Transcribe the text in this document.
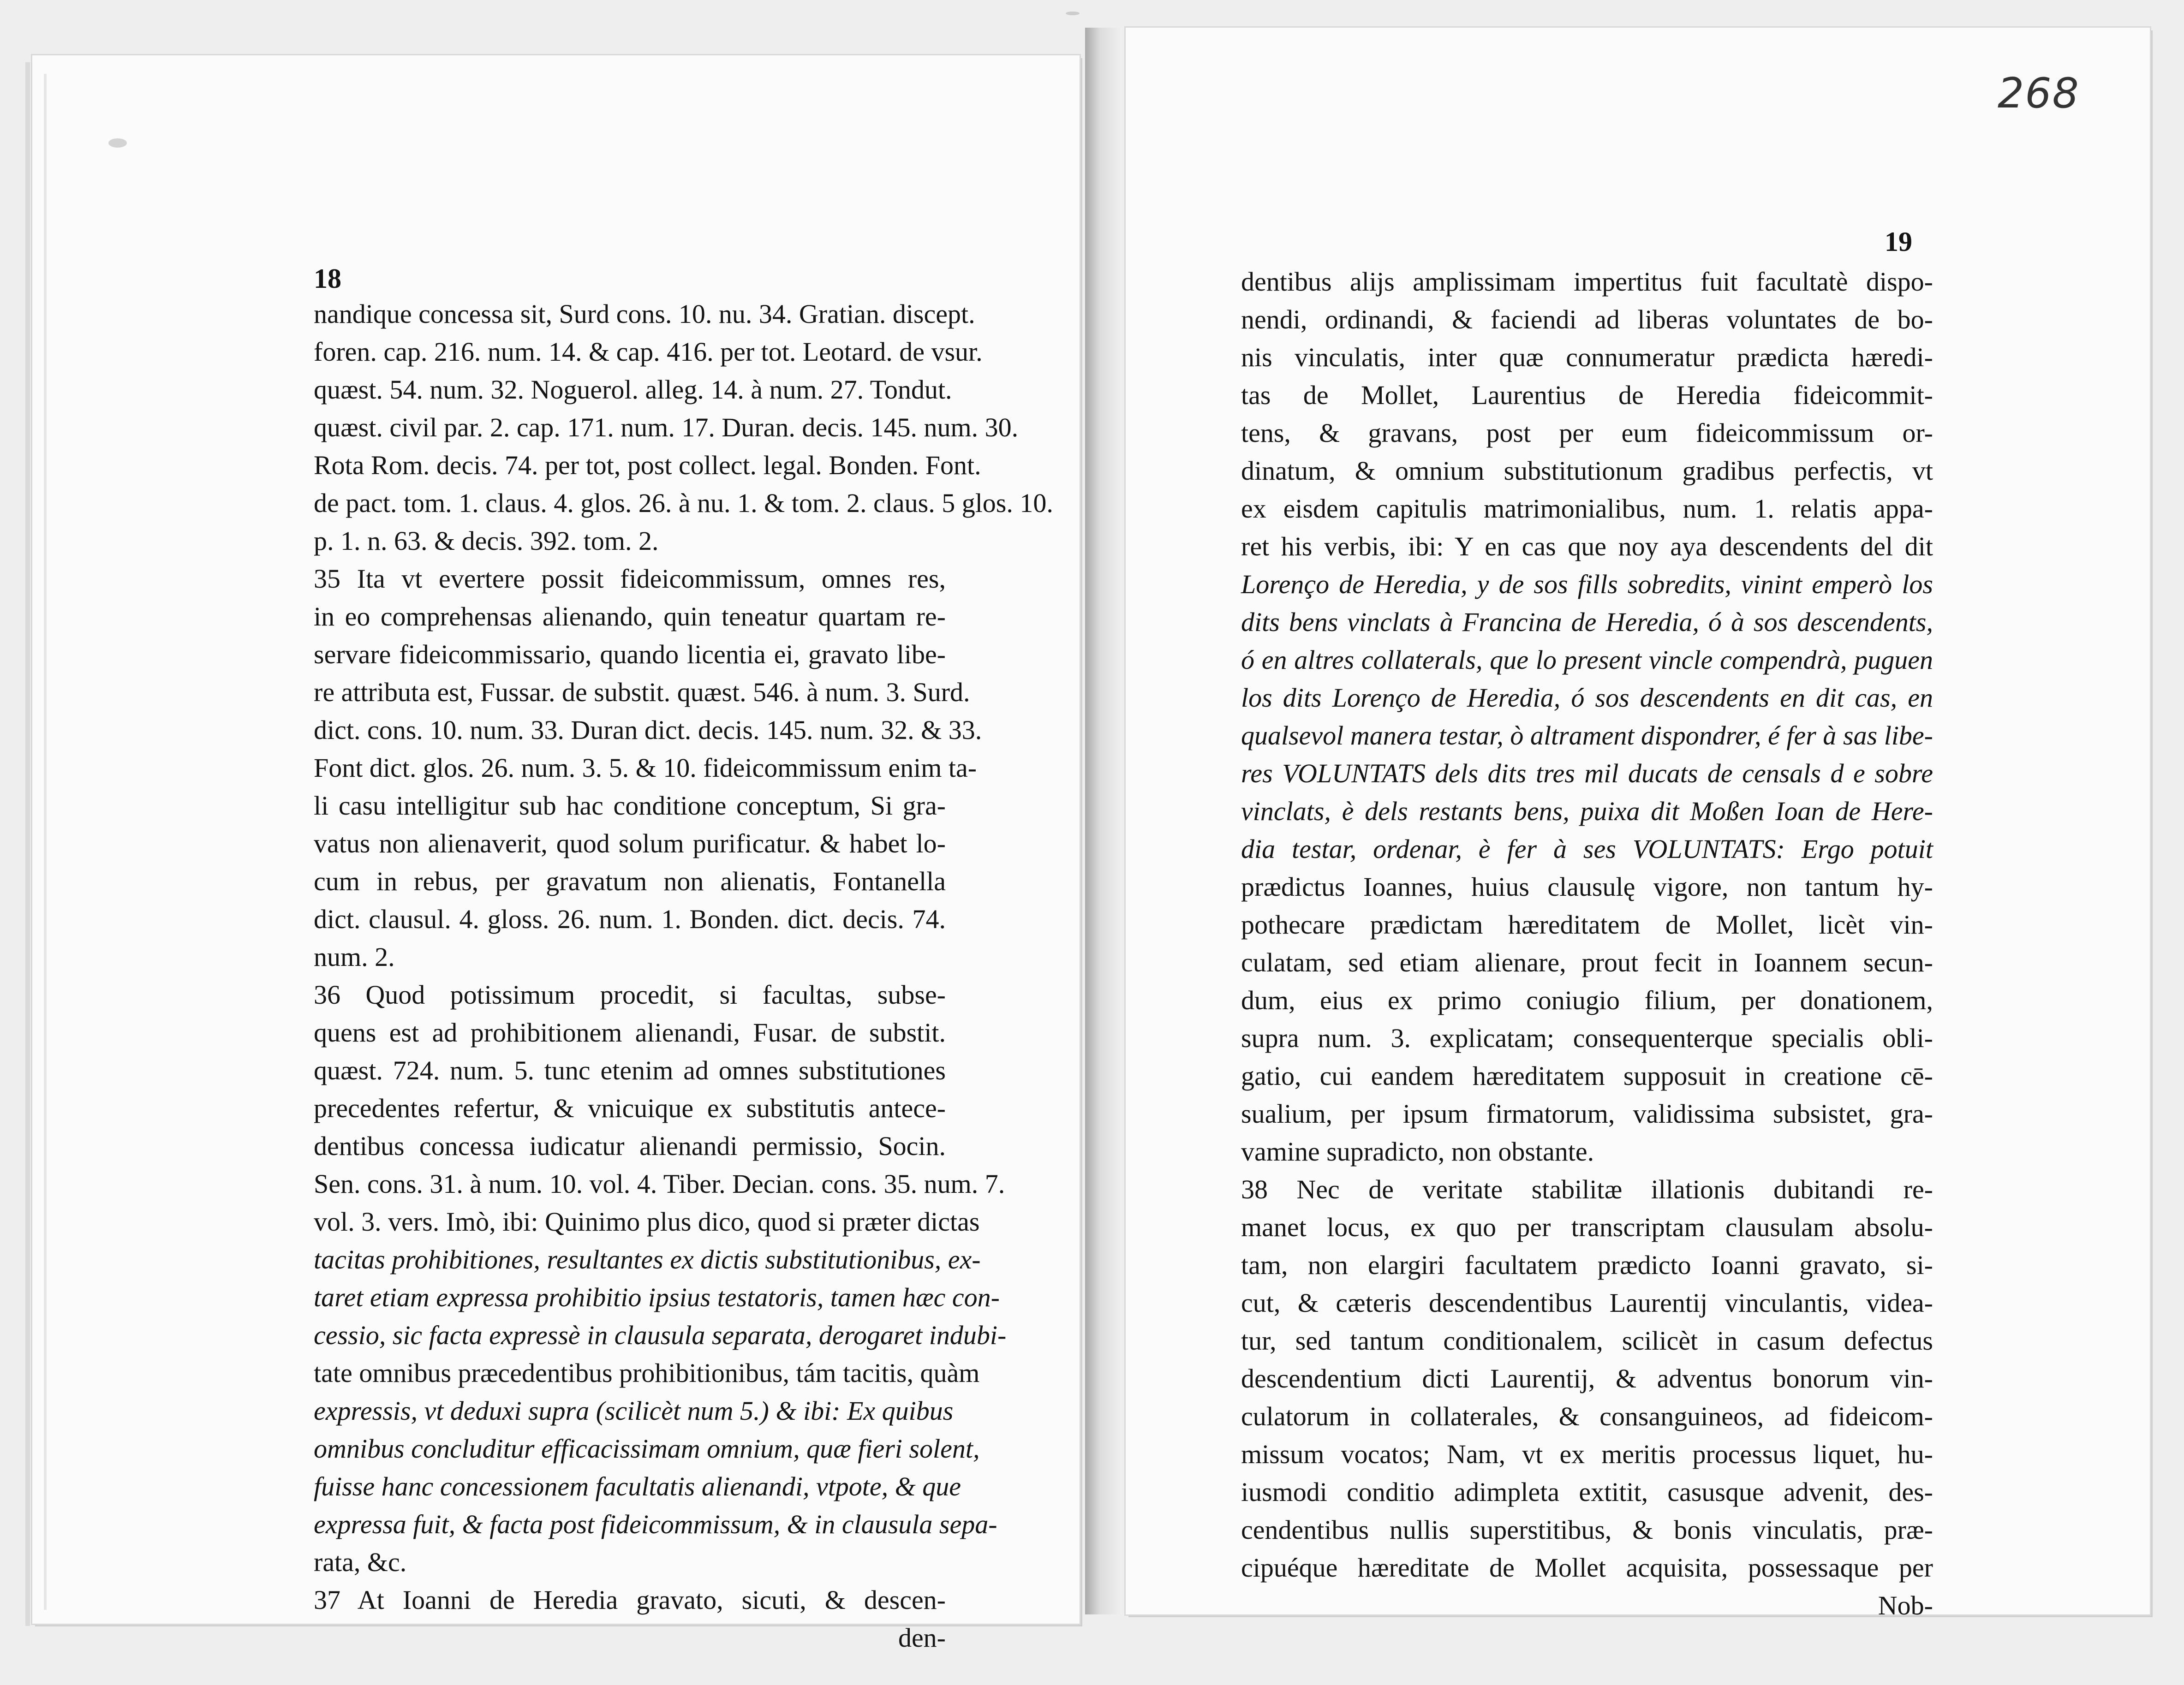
18
19
268
nandique concessa sit, Surd cons. 10. nu. 34. Gratian. discept.
foren. cap. 216. num. 14. & cap. 416. per tot. Leotard. de vsur.
quæst. 54. num. 32. Noguerol. alleg. 14. à num. 27. Tondut.
quæst. civil par. 2. cap. 171. num. 17. Duran. decis. 145. num. 30.
Rota Rom. decis. 74. per tot, post collect. legal. Bonden. Font.
de pact. tom. 1. claus. 4. glos. 26. à nu. 1. & tom. 2. claus. 5 glos. 10.
p. 1. n. 63. & decis. 392. tom. 2.
35 Ita vt evertere possit fideicommissum, omnes res,
in eo comprehensas alienando, quin teneatur quartam re-
servare fideicommissario, quando licentia ei, gravato libe-
re attributa est, Fussar. de substit. quæst. 546. à num. 3. Surd.
dict. cons. 10. num. 33. Duran dict. decis. 145. num. 32. & 33.
Font dict. glos. 26. num. 3. 5. & 10. fideicommissum enim ta-
li casu intelligitur sub hac conditione conceptum, Si gra-
vatus non alienaverit, quod solum purificatur. & habet lo-
cum in rebus, per gravatum non alienatis, Fontanella
dict. clausul. 4. gloss. 26. num. 1. Bonden. dict. decis. 74.
num. 2.
36 Quod potissimum procedit, si facultas, subse-
quens est ad prohibitionem alienandi, Fusar. de substit.
quæst. 724. num. 5. tunc etenim ad omnes substitutiones
precedentes refertur, & vnicuique ex substitutis antece-
dentibus concessa iudicatur alienandi permissio, Socin.
Sen. cons. 31. à num. 10. vol. 4. Tiber. Decian. cons. 35. num. 7.
vol. 3. vers. Imò, ibi: Quinimo plus dico, quod si præter dictas
tacitas prohibitiones, resultantes ex dictis substitutionibus, ex-
taret etiam expressa prohibitio ipsius testatoris, tamen hæc con-
cessio, sic facta expressè in clausula separata, derogaret indubi-
tate omnibus præcedentibus prohibitionibus, tám tacitis, quàm
expressis, vt deduxi supra (scilicèt num 5.) & ibi: Ex quibus
omnibus concluditur efficacissimam omnium, quæ fieri solent,
fuisse hanc concessionem facultatis alienandi, vtpote, & que
expressa fuit, & facta post fideicommissum, & in clausula sepa-
rata, &c.
37 At Ioanni de Heredia gravato, sicuti, & descen-
den-
dentibus alijs amplissimam impertitus fuit facultatè dispo-
nendi, ordinandi, & faciendi ad liberas voluntates de bo-
nis vinculatis, inter quæ connumeratur prædicta hæredi-
tas de Mollet, Laurentius de Heredia fideicommit-
tens, & gravans, post per eum fideicommissum or-
dinatum, & omnium substitutionum gradibus perfectis, vt
ex eisdem capitulis matrimonialibus, num. 1. relatis appa-
ret his verbis, ibi: Y en cas que noy aya descendents del dit
Lorenço de Heredia, y de sos fills sobredits, vinint emperò los
dits bens vinclats à Francina de Heredia, ó à sos descendents,
ó en altres collaterals, que lo present vincle compendrà, puguen
los dits Lorenço de Heredia, ó sos descendents en dit cas, en
qualsevol manera testar, ò altrament dispondrer, é fer à sas libe-
res VOLUNTATS dels dits tres mil ducats de censals d e sobre
vinclats, è dels restants bens, puixa dit Moßen Ioan de Here-
dia testar, ordenar, è fer à ses VOLUNTATS: Ergo potuit
prædictus Ioannes, huius clausulę vigore, non tantum hy-
pothecare prædictam hæreditatem de Mollet, licèt vin-
culatam, sed etiam alienare, prout fecit in Ioannem secun-
dum, eius ex primo coniugio filium, per donationem,
supra num. 3. explicatam; consequenterque specialis obli-
gatio, cui eandem hæreditatem supposuit in creatione cē-
sualium, per ipsum firmatorum, validissima subsistet, gra-
vamine supradicto, non obstante.
38 Nec de veritate stabilitæ illationis dubitandi re-
manet locus, ex quo per transcriptam clausulam absolu-
tam, non elargiri facultatem prædicto Ioanni gravato, si-
cut, & cæteris descendentibus Laurentij vinculantis, videa-
tur, sed tantum conditionalem, scilicèt in casum defectus
descendentium dicti Laurentij, & adventus bonorum vin-
culatorum in collaterales, & consanguineos, ad fideicom-
missum vocatos; Nam, vt ex meritis processus liquet, hu-
iusmodi conditio adimpleta extitit, casusque advenit, des-
cendentibus nullis superstitibus, & bonis vinculatis, præ-
cipuéque hæreditate de Mollet acquisita, possessaque per
Nob-
